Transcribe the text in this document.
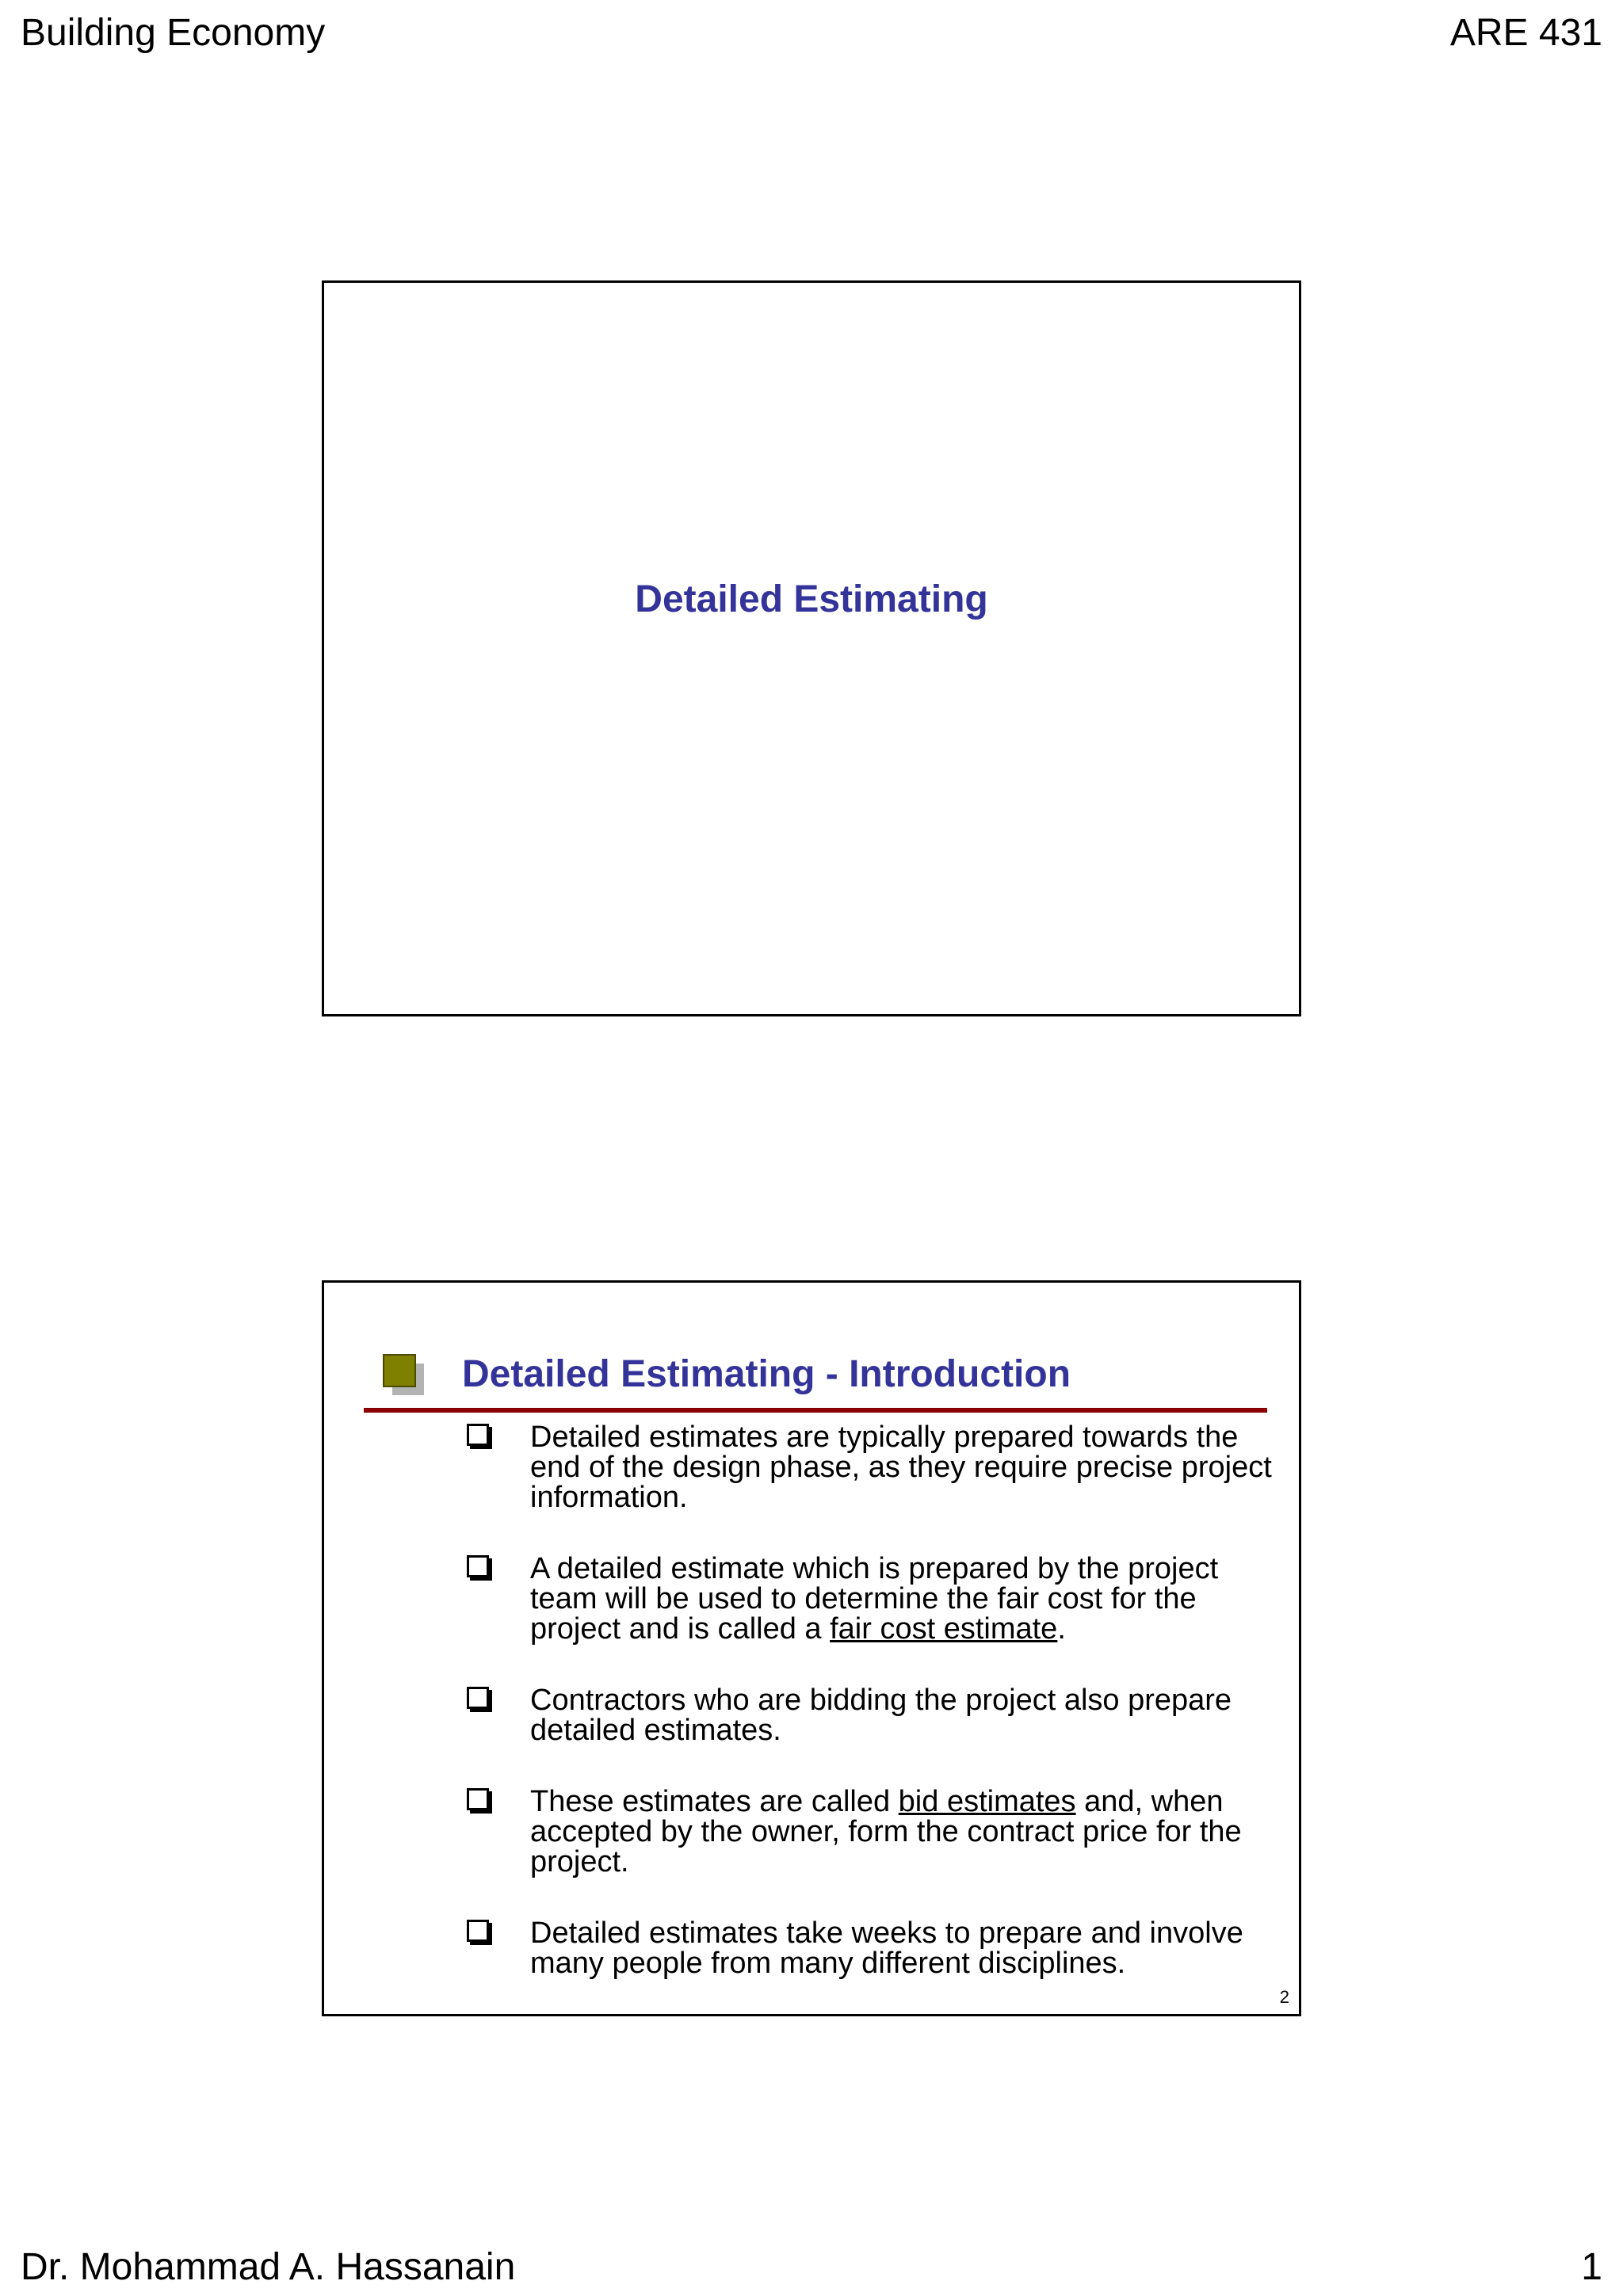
Building Economy	ARE 431
Detailed Estimating
Detailed Estimating - Introduction
Detailed estimates are typically prepared towards the end of the design phase, as they require precise project information.
A detailed estimate which is prepared by the project team will be used to determine the fair cost for the project and is called a fair cost estimate.
Contractors who are bidding the project also prepare detailed estimates.
These estimates are called bid estimates and, when accepted by the owner, form the contract price for the project.
Detailed estimates take weeks to prepare and involve many people from many different disciplines.
2
Dr. Mohammad A. Hassanain	1
